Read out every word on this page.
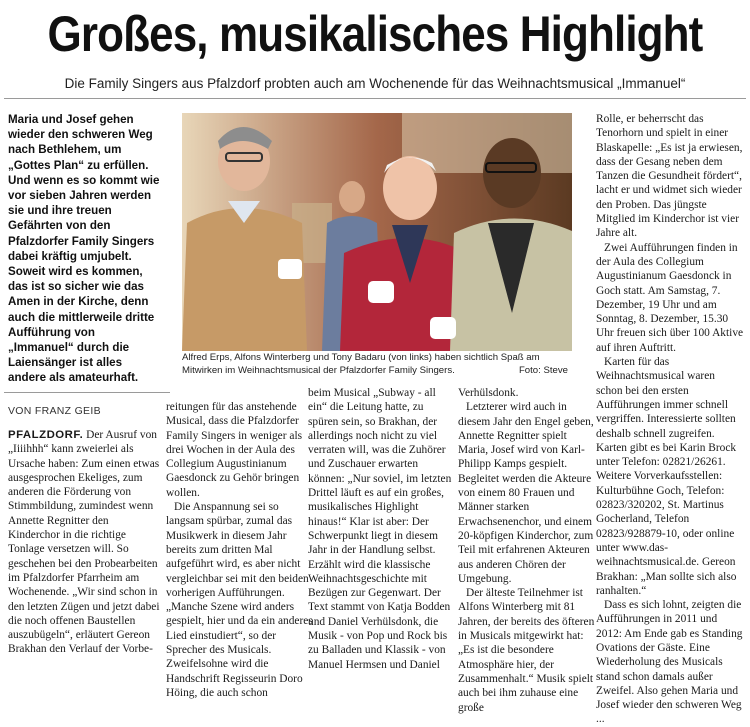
Großes, musikalisches Highlight
Die Family Singers aus Pfalzdorf probten auch am Wochenende für das Weihnachtsmusical „Immanuel“
Maria und Josef gehen wieder den schweren Weg nach Bethlehem, um „Gottes Plan“ zu erfüllen. Und wenn es so kommt wie vor sieben Jahren werden sie und ihre treuen Gefährten von den Pfalzdorfer Family Singers dabei kräftig umjubelt. Soweit wird es kommen, das ist so sicher wie das Amen in der Kirche, denn auch die mittlerweile dritte Aufführung von „Immanuel“ durch die Laiensänger ist alles andere als amateurhaft.
Alfred Erps, Alfons Winterberg und Tony Badaru (von links) haben sichtlich Spaß am Mitwirken im Weihnachtsmusical der Pfalzdorfer Family Singers.	Foto: Steve
VON FRANZ GEIB
PFALZDORF. Der Ausruf von „Iiiihhh“ kann zweierlei als Ursache haben: Zum einen etwas ausgesprochen Ekeliges, zum anderen die Förderung von Stimmbildung, zumindest wenn Annette Regnitter den Kinderchor in die richtige Tonlage versetzen will. So geschehen bei den Probearbeiten im Pfalzdorfer Pfarrheim am Wochenende. „Wir sind schon in den letzten Zügen und jetzt dabei die noch offenen Baustellen auszubügeln“, erläutert Gereon Brakhan den Verlauf der Vorbe-
reitungen für das anstehende Musical, dass die Pfalzdorfer Family Singers in weniger als drei Wochen in der Aula des Collegium Augustinianum Gaesdonck zu Gehör bringen wollen.
Die Anspannung sei so langsam spürbar, zumal das Musikwerk in diesem Jahr bereits zum dritten Mal aufgeführt wird, es aber nicht vergleichbar sei mit den beiden vorherigen Aufführungen. „Manche Szene wird anders gespielt, hier und da ein anderes Lied einstudiert“, so der Sprecher des Musicals. Zweifelsohne wird die Handschrift Regisseurin Doro Höing, die auch schon
beim Musical „Subway - all ein“ die Leitung hatte, zu spüren sein, so Brakhan, der allerdings noch nicht zu viel verraten will, was die Zuhörer und Zuschauer erwarten können: „Nur soviel, im letzten Drittel läuft es auf ein großes, musikalisches Highlight hinaus!“ Klar ist aber: Der Schwerpunkt liegt in diesem Jahr in der Handlung selbst. Erzählt wird die klassische Weihnachtsgeschichte mit Bezügen zur Gegenwart. Der Text stammt von Katja Bodden und Daniel Verhülsdonk, die Musik - von Pop und Rock bis zu Balladen und Klassik - von Manuel Hermsen und Daniel
Verhülsdonk.
Letzterer wird auch in diesem Jahr den Engel geben, Annette Regnitter spielt Maria, Josef wird von Karl-Philipp Kamps gespielt. Begleitet werden die Akteure von einem 80 Frauen und Männer starken Erwachsenenchor, und einem 20-köpfigen Kinderchor, zum Teil mit erfahrenen Akteuren aus anderen Chören der Umgebung.
Der älteste Teilnehmer ist Alfons Winterberg mit 81 Jahren, der bereits des öfteren in Musicals mitgewirkt hat: „Es ist die besondere Atmosphäre hier, der Zusammenhalt.“ Musik spielt auch bei ihm zuhause eine große
Rolle, er beherrscht das Tenorhorn und spielt in einer Blaskapelle: „Es ist ja erwiesen, dass der Gesang neben dem Tanzen die Gesundheit fördert“, lacht er und widmet sich wieder den Proben. Das jüngste Mitglied im Kinderchor ist vier Jahre alt.
Zwei Aufführungen finden in der Aula des Collegium Augustinianum Gaesdonck in Goch statt. Am Samstag, 7. Dezember, 19 Uhr und am Sonntag, 8. Dezember, 15.30 Uhr freuen sich über 100 Aktive auf ihren Auftritt.
Karten für das Weihnachtsmusical waren schon bei den ersten Aufführungen immer schnell vergriffen. Interessierte sollten deshalb schnell zugreifen. Karten gibt es bei Karin Brock unter Telefon: 02821/26261. Weitere Vorverkaufsstellen: Kulturbühne Goch, Telefon: 02823/320202, St. Martinus Gocherland, Telefon 02823/928879-10, oder online unter www.das-weihnachtsmusical.de. Gereon Brakhan: „Man sollte sich also ranhalten.“
Dass es sich lohnt, zeigten die Aufführungen in 2011 und 2012: Am Ende gab es Standing Ovations der Gäste. Eine Wiederholung des Musicals stand schon damals außer Zweifel. Also gehen Maria und Josef wieder den schweren Weg ...
